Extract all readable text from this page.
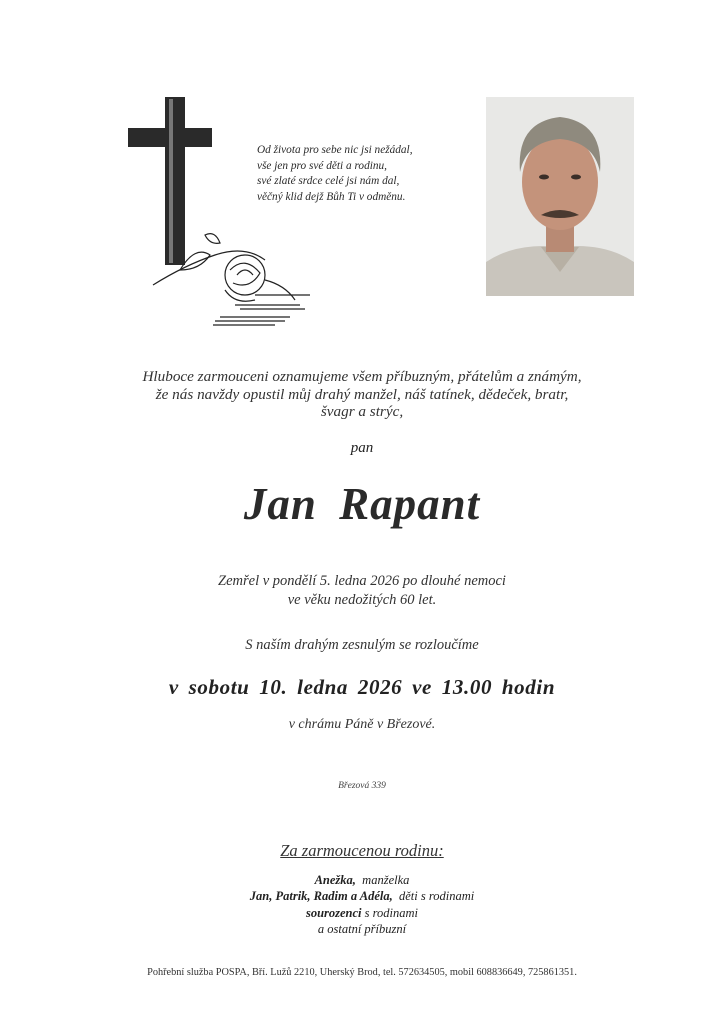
Od života pro sebe nic jsi nežádal,
vše jen pro své děti a rodinu,
své zlaté srdce celé jsi nám dal,
věčný klid dejž Bůh Ti v odměnu.
Hluboce zarmouceni oznamujeme všem příbuzným, přátelům a známým,
že nás navždy opustil můj drahý manžel, náš tatínek, dědeček, bratr,
švagr a strýc,
pan
Jan Rapant
Zemřel v pondělí 5. ledna 2026 po dlouhé nemoci
ve věku nedožitých 60 let.
S naším drahým zesnulým se rozloučíme
v sobotu 10. ledna 2026 ve 13.00 hodin
v chrámu Páně v Březové.
Březová 339
Za zarmoucenou rodinu:
Anežka, manželka
Jan, Patrik, Radim a Adéla, děti s rodinami
sourozenci s rodinami
a ostatní příbuzní
Pohřební služba POSPA, Bří. Lužů 2210, Uherský Brod, tel. 572634505, mobil 608836649, 725861351.
